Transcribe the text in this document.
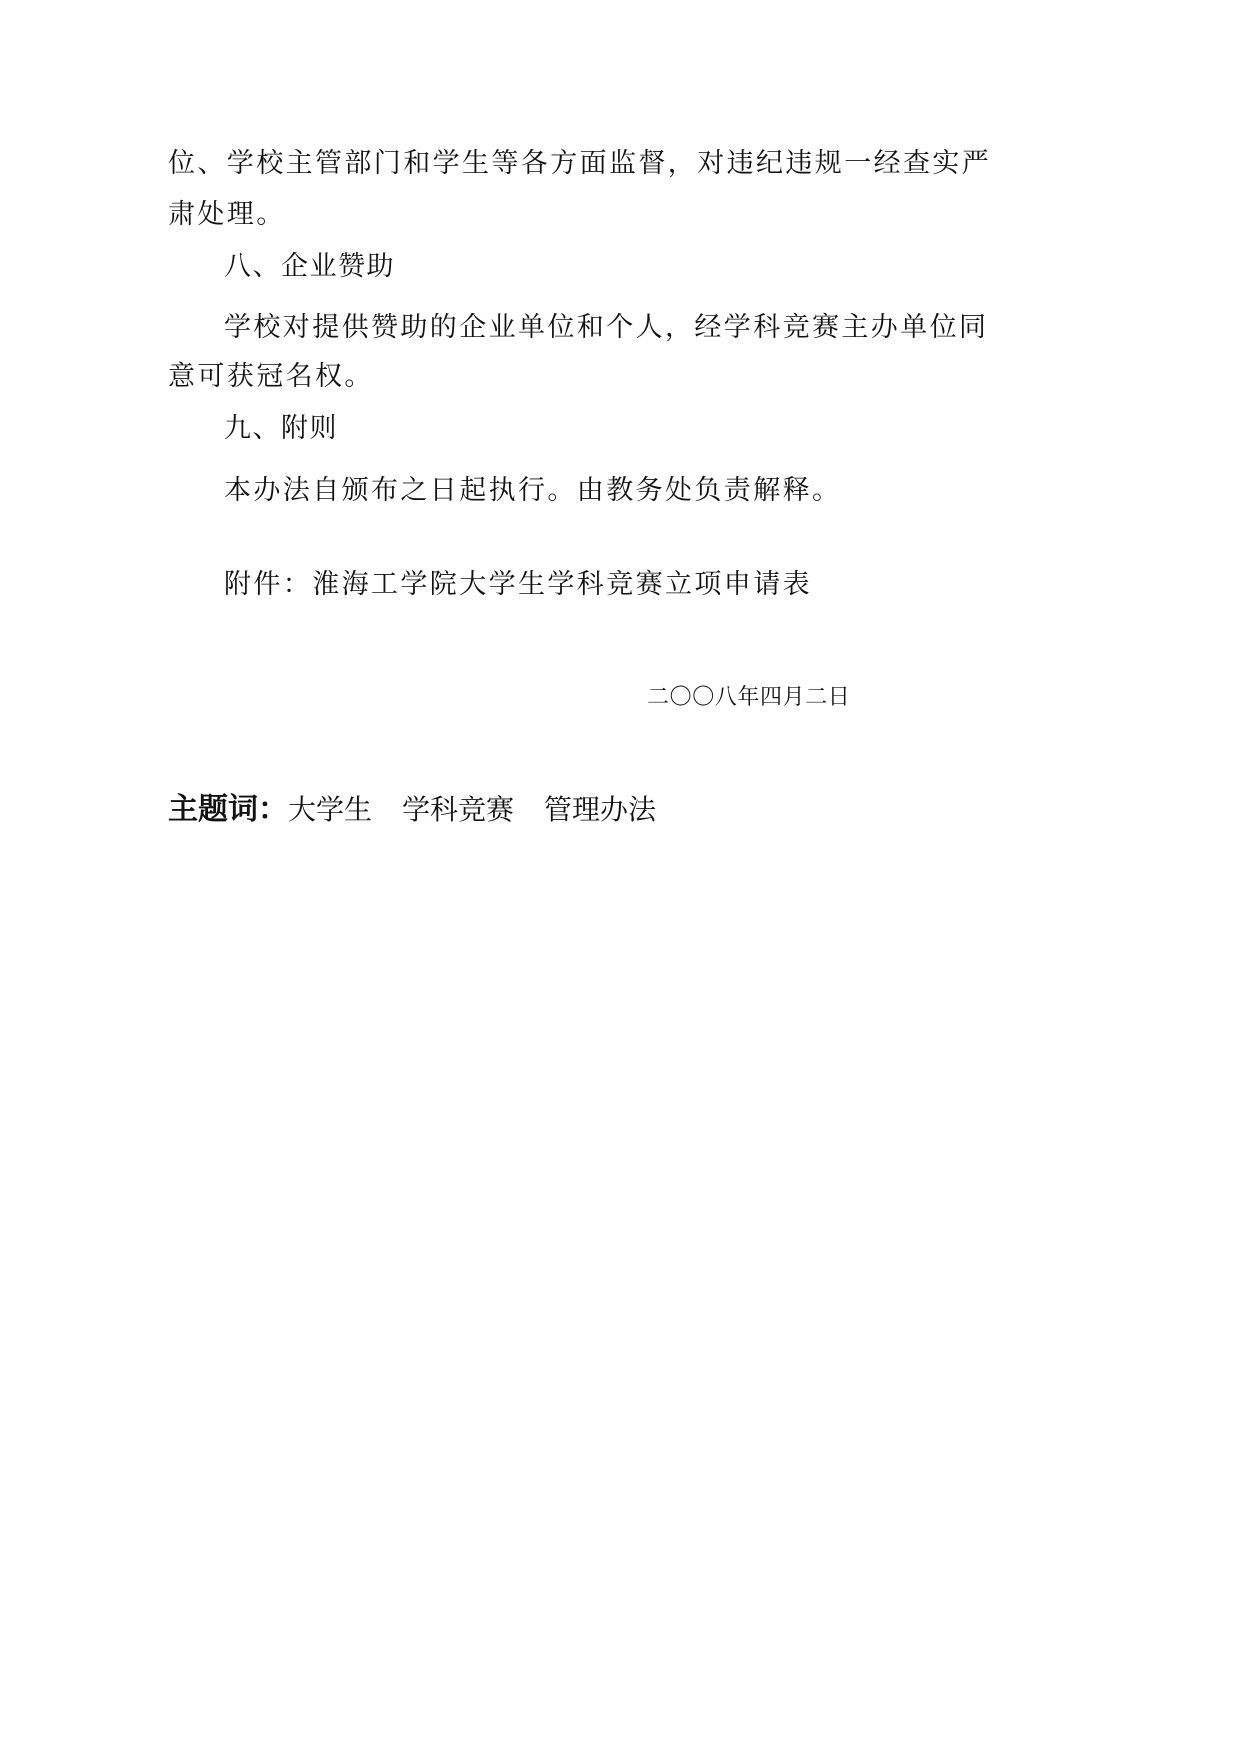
位、学校主管部门和学生等各方面监督，对违纪违规一经查实严
肃处理。
八、企业赞助
学校对提供赞助的企业单位和个人，经学科竞赛主办单位同
意可获冠名权。
九、附则
本办法自颁布之日起执行。由教务处负责解释。
附件：淮海工学院大学生学科竞赛立项申请表
二〇〇八年四月二日
主题词：大学生 学科竞赛 管理办法
